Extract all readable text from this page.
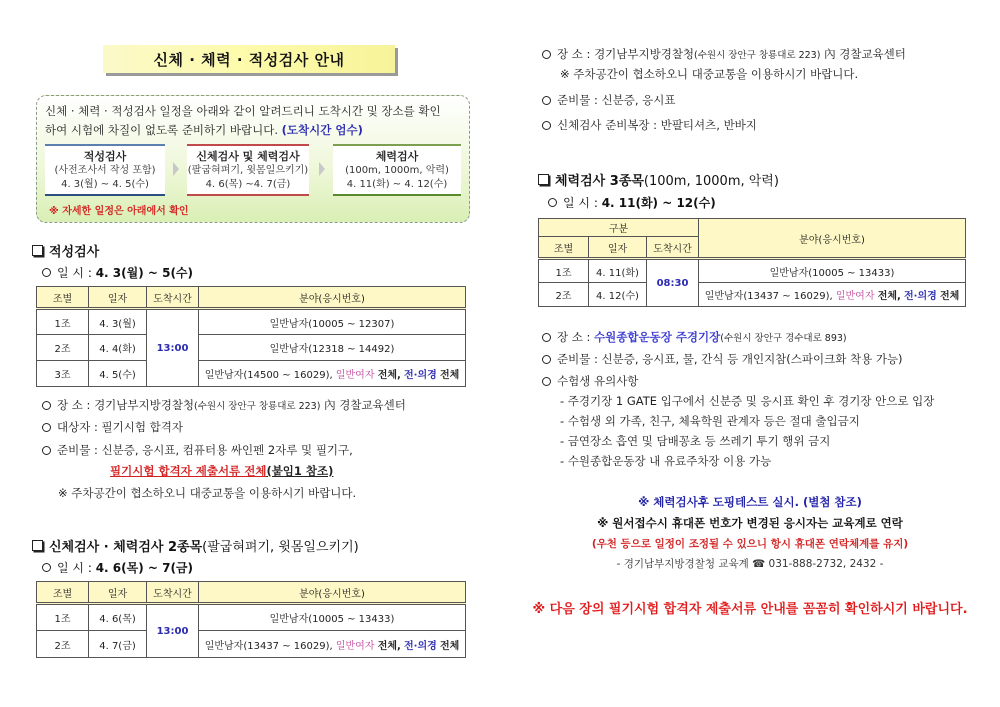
신체 · 체력 · 적성검사 안내
신체 · 체력 · 적성검사 일정을 아래와 같이 알려드리니 도착시간 및 장소를 확인
하여 시험에 차질이 없도록 준비하기 바랍니다. (도착시간 엄수)
적성검사
(사전조사서 작성 포함)
4. 3(월) ~ 4. 5(수)
신체검사 및 체력검사
(팔굽혀펴기, 윗몸일으키기)
4. 6(목) ~4. 7(금)
체력검사
(100m, 1000m, 악력)
4. 11(화) ~ 4. 12(수)
※ 자세한 일정은 아래에서 확인
적성검사
일 시 :
4. 3(월) ~ 5(수)
조별	일자	도착시간	분야(응시번호)
1조	4. 3(월)	13:00	일반남자(10005 ~ 12307)
2조	4. 4(화)		일반남자(12318 ~ 14492)
3조	4. 5(수)		일반남자(14500 ~ 16029), 일반여자 전체, 전·의경 전체
장 소 :
경기남부지방경찰청 (수원시 장안구 창룡대로 223)
內 경찰교육센터
대상자 :
필기시험 합격자
준비물 :
신분증, 응시표, 컴퓨터용 싸인펜 2자루 및 필기구,
필기시험 합격자 제출서류 전체 (붙임1 참조)
※ 주차공간이 협소하오니 대중교통을 이용하시기 바랍니다.
신체검사 · 체력검사 2종목 (팔굽혀펴기, 윗몸일으키기)
일 시 :
4. 6(목) ~ 7(금)
조별	일자	도착시간	분야(응시번호)
1조	4. 6(목)	13:00	일반남자(10005 ~ 13433)
2조	4. 7(금)		일반남자(13437 ~ 16029), 일반여자 전체, 전·의경 전체
장 소 :
경기남부지방경찰청 (수원시 장안구 창룡대로 223)
內 경찰교육센터
※ 주차공간이 협소하오니 대중교통을 이용하시기 바랍니다.
준비물 :
신분증, 응시표
신체검사 준비복장 :
반팔티셔츠, 반바지
체력검사 3종목 (100m, 1000m, 악력)
일 시 :
4. 11(화) ~ 12(수)
구분			분야(응시번호)
조별	일자	도착시간	
1조	4. 11(화)	08:30	일반남자(10005 ~ 13433)
2조	4. 12(수)		일반남자(13437 ~ 16029), 일반여자 전체, 전·의경 전체
장 소 :
수원종합운동장 주경기장 (수원시 장안구 경수대로 893)
준비물 :
신분증, 응시표, 물, 간식 등 개인지참(스파이크화 착용 가능)
수험생 유의사항
- 주경기장 1 GATE 입구에서 신분증 및 응시표 확인 후 경기장 안으로 입장
- 수험생 외 가족, 친구, 체육학원 관계자 등은 절대 출입금지
- 금연장소 흡연 및 담배꽁초 등 쓰레기 투기 행위 금지
- 수원종합운동장 내 유료주차장 이용 가능
※ 체력검사후 도핑테스트 실시. (별첨 참조)
※ 원서접수시 휴대폰 번호가 변경된 응시자는 교육계로 연락
(우천 등으로 일정이 조정될 수 있으니 항시 휴대폰 연락체계를 유지)
- 경기남부지방경찰청 교육계 ☎ 031-888-2732, 2432 -
※ 다음 장의 필기시험 합격자 제출서류 안내를 꼼꼼히 확인하시기 바랍니다.
